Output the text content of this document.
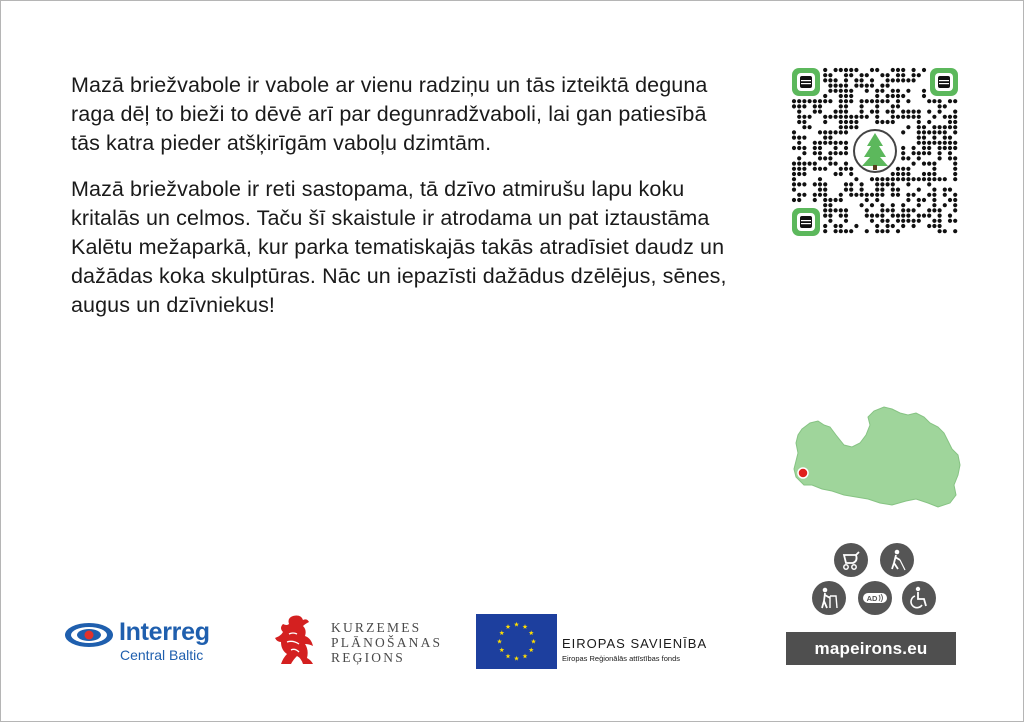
Mazā briežvabole ir vabole ar vienu radziņu un tās izteiktā deguna raga dēļ to bieži to dēvē arī par degunradžvaboli, lai gan patiesībā tās katra pieder atšķirīgām vaboļu dzimtām.

Mazā briežvabole ir reti sastopama, tā dzīvo atmirušu lapu koku kritalās un celmos. Taču šī skaistule ir atrodama un pat iztaustāma Kalētu mežaparkā, kur parka tematiskajās takās atradīsiet daudz un dažādas koka skulptūras. Nāc un iepazīsti dažādus dzēlējus, sēnes, augus un dzīvniekus!

AD
mapeirons.eu
Interreg
Central Baltic
KURZEMES
PLĀNOŠANAS
REĢIONS
EIROPAS SAVIENĪBA
Eiropas Reģionālās attīstības fonds
